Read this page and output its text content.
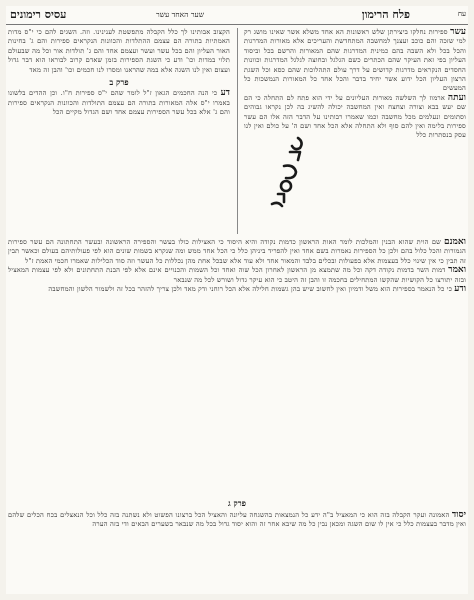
עח
פלח הרימון
שער האחד עשר
עסיס רימונים
עשר ספירות נחלקו ביצירתן שלש ראשונות הא אחד משלא אשר שאינו מושג רק למי שזכה והם כוכב ועצנך למחשבה המתחדשת והעריכים אלא מאורות המדרגות והכל בכל ולא השבה בהם כמינית המדרגות שהם המאורות והרשם בכל וביסוד העליון בפי זאת העיקר שהם הכתרים כשם הגלגל ובחוצה לגלגל המדרגות וכוונות החסדים הנקראים מדרגות קדושים על דרך עולם התהלוכות שהם כסא וכל השגת הרצון העליון הכל ידוע אשר יחיד בדבר והכל אחד כל המאורות הנמשכות כל המעשים
ועתה ארמוז לך השלשה מאורות העליונים על ידי הוא פתח לם התחלה כי הם שם יעש בבא וצורה וצחצח ואין המחשבה יכולה להשיג בה לכן נקראו גבוהים וסתומים ונעלמים מכל מחשבה וכמו שאמרו רבותינו על הדבר הזה אלו הם עשר ספירות בלימה ואין להם סוף ולא התחלה אלא הכל אחד ושם ה' על כולם ואין לנו עסק בנסתרות כלל
הקצוב אבותינו לך כלל הקבלה מתפשטת לענינינו. וזה. השגים להם כי י"ס מדות האמתיות בתורה הם עצמם ההתלדות והכוונות הנקראים ספירות והם ג' בחינות האור העליון והם בכל עשר ועשר ועצמם אחד והם ג' תולדות אור וכל מה שבעולם תלוי במדות וכו' ודע כי השגת הספירות בזמן שאדם קרוב לבוראו הוא דבר גדול ועצום ואין לנו השגה אלא במה שהראנו ומסרו לנו חכמים וכו' והבן זה מאד
פרק ב
דע כי הנה החכמים הגאון ז"ל לומר שהם י"ס ספירות ח"ו. וכן ההדים בלשונו באמרו י"ס אלה המאורות בתורה הם עצמם התולדות והכוונות הנקראים ספירות והם ג' אלא בכל עשר הספירות עצמם אחד ושם הגדול מקיים הכל
ואמנם שם הוית שהוא הבנין והמלכות לומר האות הראשון כדמות נקודה והיא היסוד כי האצילות כולו בעשר והספירה הראשונה ובעשר התחתונה הם עשר ספירות הגמורות והכל כלול בהם ולכן כל הספירות נאמרות בשם אחד ואין להפריד ביניהן כלל כי הכל אחד ממש ומה שנקרא בשמות שונים הוא לפי פעולותיהם בעולם וכאשר תבין זה תבין כי אין שינוי כלל בעצמות אלא בפעולות ובכלים בלבד והמאור אחד ולא עוד אלא שבכל אחת מהן נכללות כל העשר וזה סוד הכלילות שאמרו חכמי האמת ז"ל
ואמר דמות השר בדמות נקודה דקה וכל מה שתמצא מן הראשון לאחרון הכל שוה ואחד וכל השמות והכנויים אינם אלא לפי הבנת התחתונים ולא לפי עצמות המאציל ובזה יתורצו כל הקושיות שהקשו המתחילים בחכמה זו והבן זה היטב כי הוא עיקר גדול ושורש לכל מה שנבאר
ודע כי כל הנאמר בספירות הוא משל ודמיון ואין לחשוב שיש בהן גשמות חלילה אלא הכל רוחני ודק מאד ולכן צריך להזהר בכל זה ולשמור הלשון והמחשבה
פרק ג
יסוד האמונה ועקר הקבלה בזה הוא כי המאציל ב"ה ידע כל הנמצאות בהשגחה עליונה והאציל הכל ברצונו הפשוט ולא נשתנה בזה כלל וכל הנאצלים בכח הכלים שלהם ואין מדבר בעצמות כלל כי אין לו שום השגה ומכאן נבין כל מה שיבא אחר זה והוא יסוד גדול בכל מה שנבאר בשערים הבאים ודי בזה הערה
